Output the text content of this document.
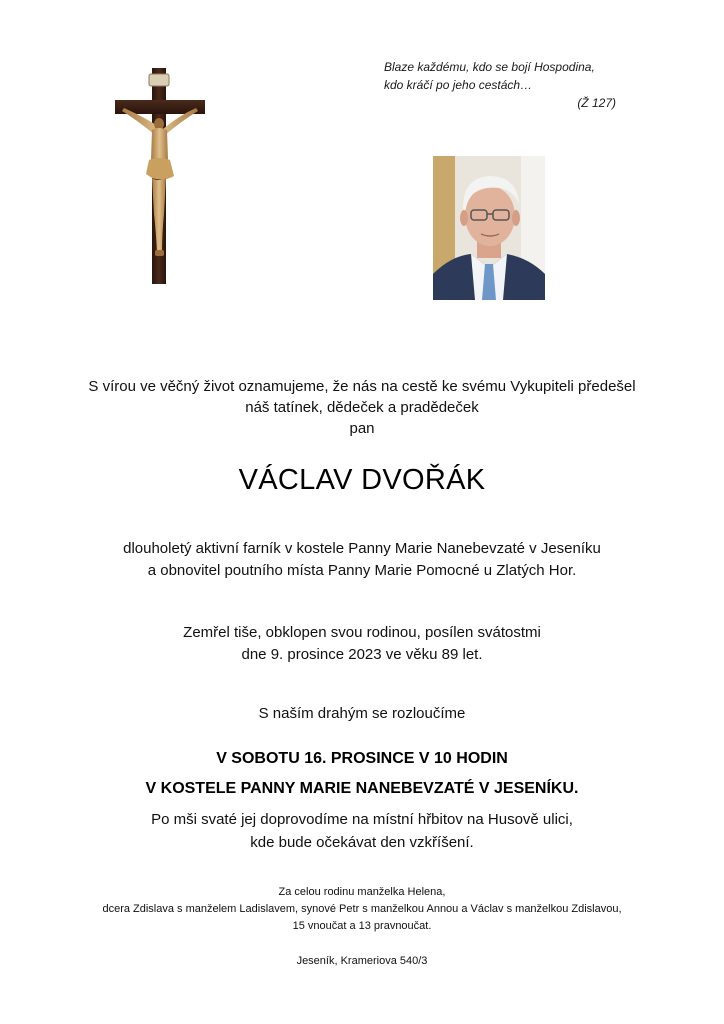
Blaze každému, kdo se bojí Hospodina,
kdo kráčí po jeho cestách…
(Ž 127)
S vírou ve věčný život oznamujeme, že nás na cestě ke svému Vykupiteli předešel
náš tatínek, dědeček a pradědeček
pan
VÁCLAV DVOŘÁK
dlouholetý aktivní farník v kostele Panny Marie Nanebevzaté v Jeseníku
a obnovitel poutního místa Panny Marie Pomocné u Zlatých Hor.
Zemřel tiše, obklopen svou rodinou, posílen svátostmi
dne 9. prosince 2023 ve věku 89 let.
S naším drahým se rozloučíme
V SOBOTU 16. PROSINCE V 10 HODIN
V KOSTELE PANNY MARIE NANEBEVZATÉ V JESENÍKU.
Po mši svaté jej doprovodíme na místní hřbitov na Husově ulici,
kde bude očekávat den vzkříšení.
Za celou rodinu manželka Helena,
dcera Zdislava s manželem Ladislavem, synové Petr s manželkou Annou a Václav s manželkou Zdislavou,
15 vnoučat a 13 pravnoučat.
Jeseník, Krameriova 540/3
